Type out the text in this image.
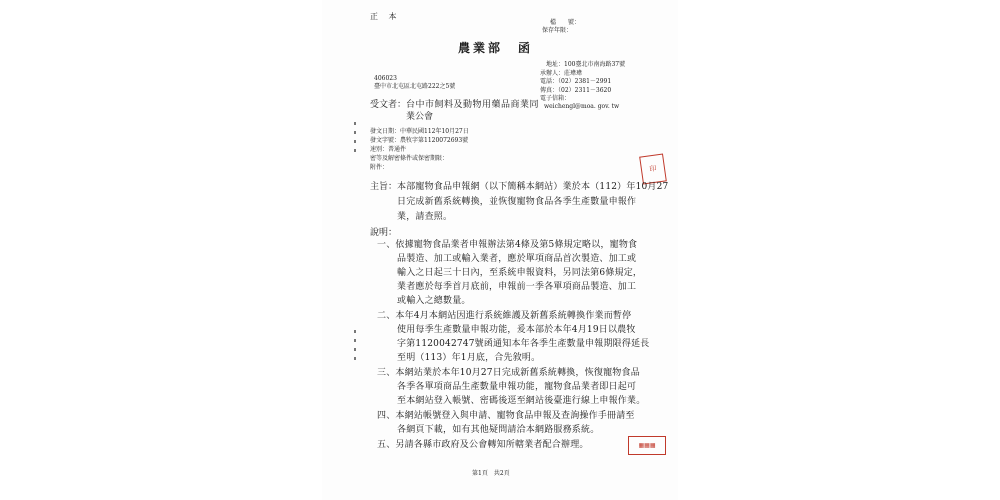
正 本
檔　　號：
保存年限：
農業部　函
地址：100臺北市南海路37號
承辦人：莊瑋瑋
電話：（02）2381－2991
傳真：（02）2311－3620
電子信箱：
weichengl@moa. gov. tw
406023
臺中市北屯區北屯路222之5號
受文者： 台中市飼料及動物用藥品商業同
業公會
發文日期：中華民國112年10月27日
發文字號：農牧字第1120072693號
速別：普通件
密等及解密條件或保密期限：
附件：	印
主旨： 本部寵物食品申報網（以下簡稱本網站）業於本（112）年10月27
日完成新舊系統轉換，並恢復寵物食品各季生產數量申報作
業，請查照。
說明：
一、依據寵物食品業者申報辦法第4條及第5條規定略以，寵物食
品製造、加工或輸入業者，應於單項商品首次製造、加工或
輸入之日起三十日內，至系統申報資料，另同法第6條規定，
業者應於每季首月底前，申報前一季各單項商品製造、加工
或輸入之總數量。
二、本年4月本網站因進行系統維護及新舊系統轉換作業而暫停
使用每季生產數量申報功能，爰本部於本年4月19日以農牧
字第1120042747號函通知本年各季生產數量申報期限得延長
至明（113）年1月底，合先敘明。
三、本網站業於本年10月27日完成新舊系統轉換，恢復寵物食品
各季各單項商品生產數量申報功能，寵物食品業者即日起可
至本網站登入帳號、密碼後逕至網站後臺進行線上申報作業。
四、本網站帳號登入與申請、寵物食品申報及查詢操作手冊請至
各網頁下載，如有其他疑問請洽本網路服務系統。
五、另請各縣市政府及公會轉知所轄業者配合辦理。	▦▦▦
第1頁　共2頁
